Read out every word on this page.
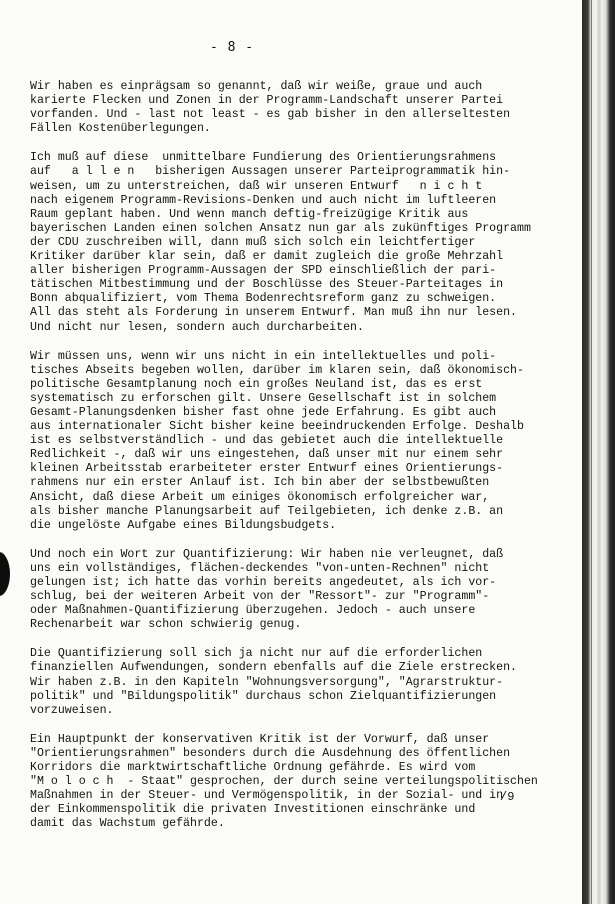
- 8 -
Wir haben es einprägsam so genannt, daß wir weiße, graue und auch
karierte Flecken und Zonen in der Programm-Landschaft unserer Partei
vorfanden. Und - last not least - es gab bisher in den allerseltesten
Fällen Kostenüberlegungen.
Ich muß auf diese  unmittelbare Fundierung des Orientierungsrahmens
auf   a l l e n   bisherigen Aussagen unserer Parteiprogrammatik hin-
weisen, um zu unterstreichen, daß wir unseren Entwurf   n i c h t
nach eigenem Programm-Revisions-Denken und auch nicht im luftleeren
Raum geplant haben. Und wenn manch deftig-freizügige Kritik aus
bayerischen Landen einen solchen Ansatz nun gar als zukünftiges Programm
der CDU zuschreiben will, dann muß sich solch ein leichtfertiger
Kritiker darüber klar sein, daß er damit zugleich die große Mehrzahl
aller bisherigen Programm-Aussagen der SPD einschließlich der pari-
tätischen Mitbestimmung und der Boschlüsse des Steuer-Parteitages in
Bonn abqualifiziert, vom Thema Bodenrechtsreform ganz zu schweigen.
All das steht als Forderung in unserem Entwurf. Man muß ihn nur lesen.
Und nicht nur lesen, sondern auch durcharbeiten.
Wir müssen uns, wenn wir uns nicht in ein intellektuelles und poli-
tisches Abseits begeben wollen, darüber im klaren sein, daß ökonomisch-
politische Gesamtplanung noch ein großes Neuland ist, das es erst
systematisch zu erforschen gilt. Unsere Gesellschaft ist in solchem
Gesamt-Planungsdenken bisher fast ohne jede Erfahrung. Es gibt auch
aus internationaler Sicht bisher keine beeindruckenden Erfolge. Deshalb
ist es selbstverständlich - und das gebietet auch die intellektuelle
Redlichkeit -, daß wir uns eingestehen, daß unser mit nur einem sehr
kleinen Arbeitsstab erarbeiteter erster Entwurf eines Orientierungs-
rahmens nur ein erster Anlauf ist. Ich bin aber der selbstbewußten
Ansicht, daß diese Arbeit um einiges ökonomisch erfolgreicher war,
als bisher manche Planungsarbeit auf Teilgebieten, ich denke z.B. an
die ungelöste Aufgabe eines Bildungsbudgets.
Und noch ein Wort zur Quantifizierung: Wir haben nie verleugnet, daß
uns ein vollständiges, flächen-deckendes "von-unten-Rechnen" nicht
gelungen ist; ich hatte das vorhin bereits angedeutet, als ich vor-
schlug, bei der weiteren Arbeit von der "Ressort"- zur "Programm"-
oder Maßnahmen-Quantifizierung überzugehen. Jedoch - auch unsere
Rechenarbeit war schon schwierig genug.
Die Quantifizierung soll sich ja nicht nur auf die erforderlichen
finanziellen Aufwendungen, sondern ebenfalls auf die Ziele erstrecken.
Wir haben z.B. in den Kapiteln "Wohnungsversorgung", "Agrarstruktur-
politik" und "Bildungspolitik" durchaus schon Zielquantifizierungen
vorzuweisen.
Ein Hauptpunkt der konservativen Kritik ist der Vorwurf, daß unser
"Orientierungsrahmen" besonders durch die Ausdehnung des öffentlichen
Korridors die marktwirtschaftliche Ordnung gefährde. Es wird vom
"M o l o c h  - Staat" gesprochen, der durch seine verteilungspolitischen
Maßnahmen in der Steuer- und Vermögenspolitik, in der Sozial- und in
der Einkommenspolitik die privaten Investitionen einschränke und
damit das Wachstum gefährde.
/9
